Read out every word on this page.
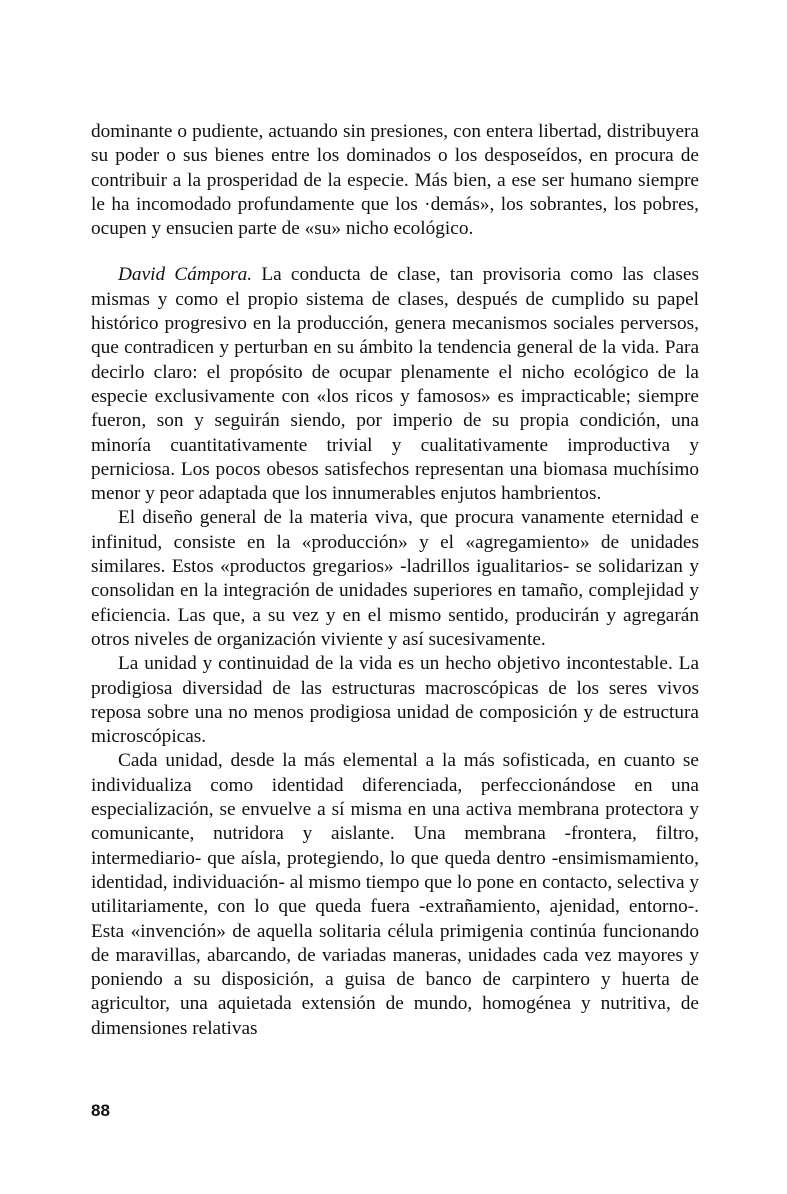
dominante o pudiente, actuando sin presiones, con entera libertad, distribuyera su poder o sus bienes entre los dominados o los desposeídos, en procura de contribuir a la prosperidad de la especie. Más bien, a ese ser humano siempre le ha incomodado profundamente que los ·demás», los sobrantes, los pobres, ocupen y ensucien parte de «su» nicho ecológico.

David Cámpora. La conducta de clase, tan provisoria como las clases mismas y como el propio sistema de clases, después de cumplido su papel histórico progresivo en la producción, genera mecanismos sociales perversos, que contradicen y perturban en su ámbito la tendencia general de la vida. Para decirlo claro: el propósito de ocupar plenamente el nicho ecológico de la especie exclusivamente con «los ricos y famosos» es impracticable; siempre fueron, son y seguirán siendo, por imperio de su propia condición, una minoría cuantitativamente trivial y cualitativamente improductiva y perniciosa. Los pocos obesos satisfechos representan una biomasa muchísimo menor y peor adaptada que los innumerables enjutos hambrientos.

El diseño general de la materia viva, que procura vanamente eternidad e infinitud, consiste en la «producción» y el «agregamiento» de unidades similares. Estos «productos gregarios» -ladrillos igualitarios- se solidarizan y consolidan en la integración de unidades superiores en tamaño, complejidad y eficiencia. Las que, a su vez y en el mismo sentido, producirán y agregarán otros niveles de organización viviente y así sucesivamente.

La unidad y continuidad de la vida es un hecho objetivo incontestable. La prodigiosa diversidad de las estructuras macroscópicas de los seres vivos reposa sobre una no menos prodigiosa unidad de composición y de estructura microscópicas.

Cada unidad, desde la más elemental a la más sofisticada, en cuanto se individualiza como identidad diferenciada, perfeccionándose en una especialización, se envuelve a sí misma en una activa membrana protectora y comunicante, nutridora y aislante. Una membrana -frontera, filtro, intermediario- que aísla, protegiendo, lo que queda dentro -ensimismamiento, identidad, individuación- al mismo tiempo que lo pone en contacto, selectiva y utilitariamente, con lo que queda fuera -extrañamiento, ajenidad, entorno-. Esta «invención» de aquella solitaria célula primigenia continúa funcionando de maravillas, abarcando, de variadas maneras, unidades cada vez mayores y poniendo a su disposición, a guisa de banco de carpintero y huerta de agricultor, una aquietada extensión de mundo, homogénea y nutritiva, de dimensiones relativas

88
